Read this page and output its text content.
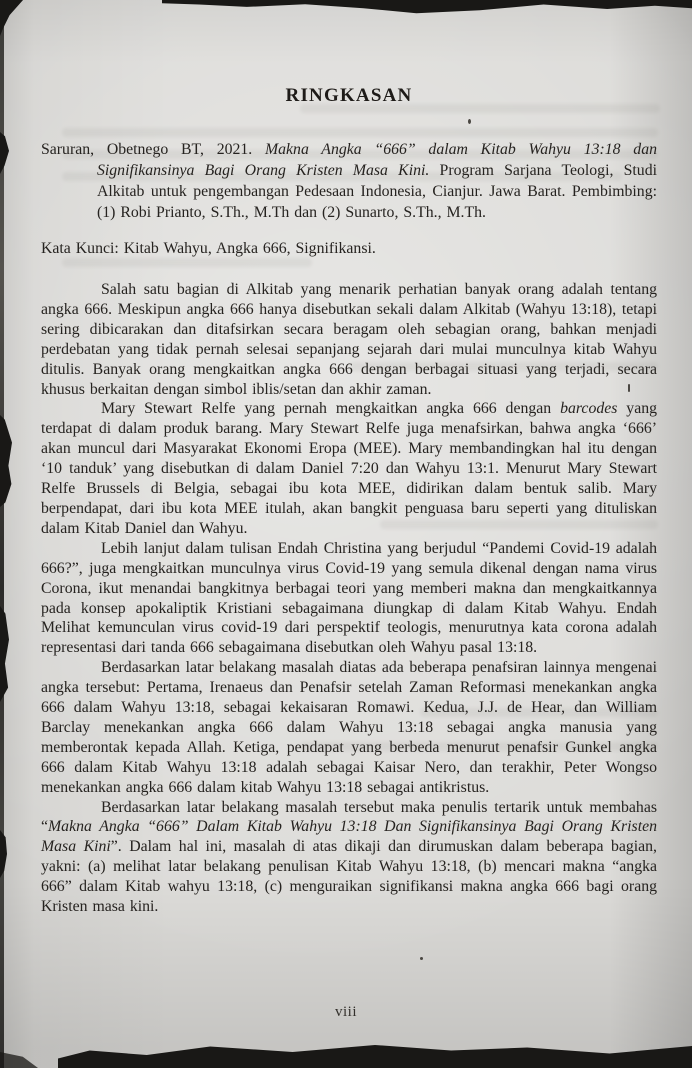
RINGKASAN

Saruran, Obetnego BT, 2021. Makna Angka “666” dalam Kitab Wahyu 13:18 dan Signifikansinya Bagi Orang Kristen Masa Kini. Program Sarjana Teologi, Studi Alkitab untuk pengembangan Pedesaan Indonesia, Cianjur. Jawa Barat. Pembimbing: (1) Robi Prianto, S.Th., M.Th dan (2) Sunarto, S.Th., M.Th.

Kata Kunci: Kitab Wahyu, Angka 666, Signifikansi.

Salah satu bagian di Alkitab yang menarik perhatian banyak orang adalah tentang angka 666. Meskipun angka 666 hanya disebutkan sekali dalam Alkitab (Wahyu 13:18), tetapi sering dibicarakan dan ditafsirkan secara beragam oleh sebagian orang, bahkan menjadi perdebatan yang tidak pernah selesai sepanjang sejarah dari mulai munculnya kitab Wahyu ditulis. Banyak orang mengkaitkan angka 666 dengan berbagai situasi yang terjadi, secara khusus berkaitan dengan simbol iblis/setan dan akhir zaman.

Mary Stewart Relfe yang pernah mengkaitkan angka 666 dengan barcodes yang terdapat di dalam produk barang. Mary Stewart Relfe juga menafsirkan, bahwa angka ‘666’ akan muncul dari Masyarakat Ekonomi Eropa (MEE). Mary membandingkan hal itu dengan ‘10 tanduk’ yang disebutkan di dalam Daniel 7:20 dan Wahyu 13:1. Menurut Mary Stewart Relfe Brussels di Belgia, sebagai ibu kota MEE, didirikan dalam bentuk salib. Mary berpendapat, dari ibu kota MEE itulah, akan bangkit penguasa baru seperti yang dituliskan dalam Kitab Daniel dan Wahyu.

Lebih lanjut dalam tulisan Endah Christina yang berjudul “Pandemi Covid-19 adalah 666?”, juga mengkaitkan munculnya virus Covid-19 yang semula dikenal dengan nama virus Corona, ikut menandai bangkitnya berbagai teori yang memberi makna dan mengkaitkannya pada konsep apokaliptik Kristiani sebagaimana diungkap di dalam Kitab Wahyu. Endah Melihat kemunculan virus covid-19 dari perspektif teologis, menurutnya kata corona adalah representasi dari tanda 666 sebagaimana disebutkan oleh Wahyu pasal 13:18.

Berdasarkan latar belakang masalah diatas ada beberapa penafsiran lainnya mengenai angka tersebut: Pertama, Irenaeus dan Penafsir setelah Zaman Reformasi menekankan angka 666 dalam Wahyu 13:18, sebagai kekaisaran Romawi. Kedua, J.J. de Hear, dan William Barclay menekankan angka 666 dalam Wahyu 13:18 sebagai angka manusia yang memberontak kepada Allah. Ketiga, pendapat yang berbeda menurut penafsir Gunkel angka 666 dalam Kitab Wahyu 13:18 adalah sebagai Kaisar Nero, dan terakhir, Peter Wongso menekankan angka 666 dalam kitab Wahyu 13:18 sebagai antikristus.

Berdasarkan latar belakang masalah tersebut maka penulis tertarik untuk membahas “Makna Angka “666” Dalam Kitab Wahyu 13:18 Dan Signifikansinya Bagi Orang Kristen Masa Kini”. Dalam hal ini, masalah di atas dikaji dan dirumuskan dalam beberapa bagian, yakni: (a) melihat latar belakang penulisan Kitab Wahyu 13:18, (b) mencari makna “angka 666” dalam Kitab wahyu 13:18, (c) menguraikan signifikansi makna angka 666 bagi orang Kristen masa kini.

viii
